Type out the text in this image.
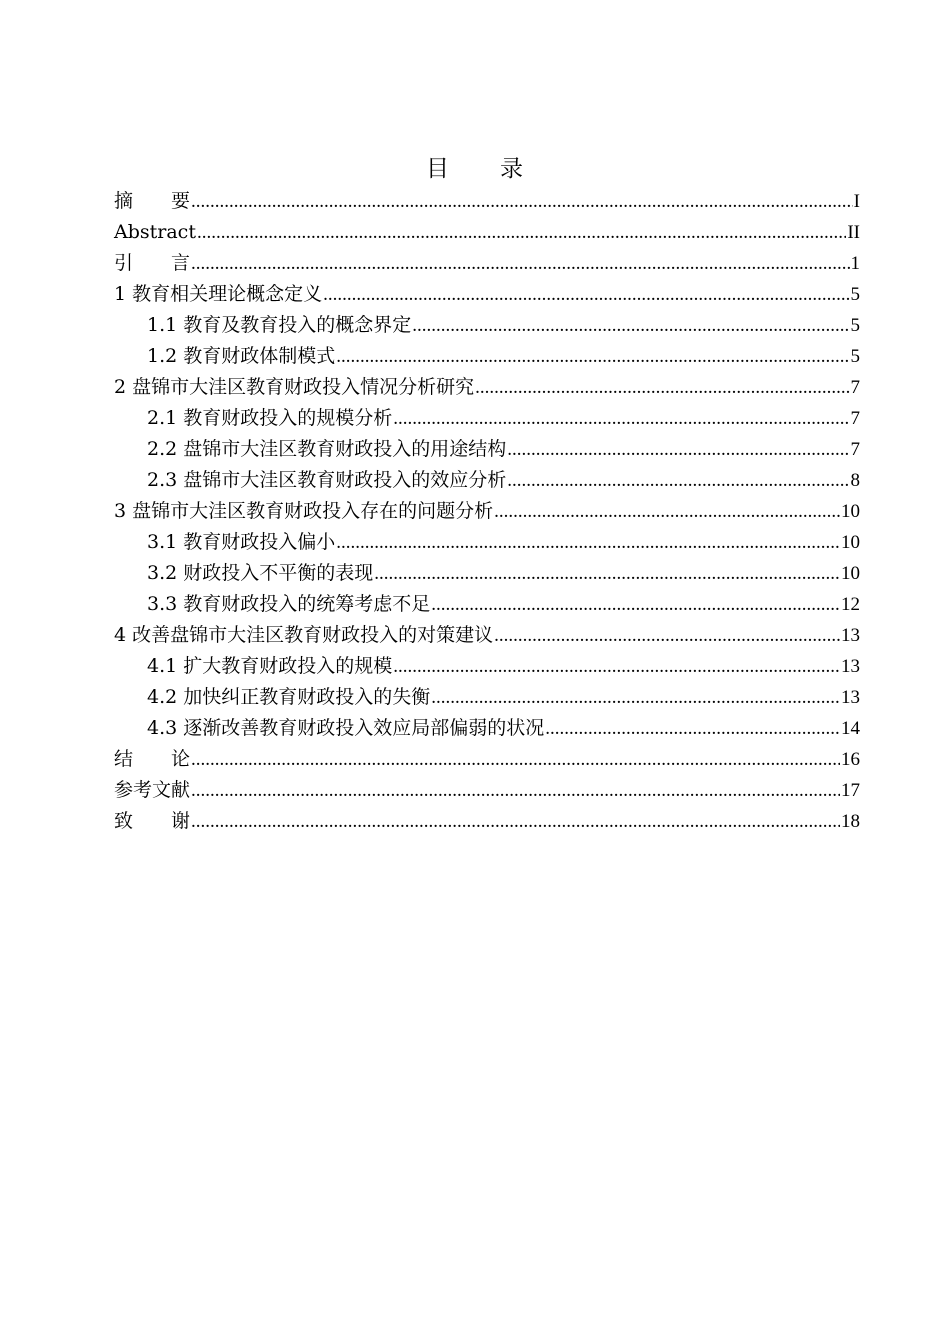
目 录
摘　　要 .....	I
Abstract .....	II
引　　言 .....	1
1 教育相关理论概念定义 .....	5
1.1 教育及教育投入的概念界定 .....	5
1.2 教育财政体制模式 .....	5
2 盘锦市大洼区教育财政投入情况分析研究 .....	7
2.1 教育财政投入的规模分析 .....	7
2.2 盘锦市大洼区教育财政投入的用途结构 .....	7
2.3 盘锦市大洼区教育财政投入的效应分析 .....	8
3 盘锦市大洼区教育财政投入存在的问题分析 .....	10
3.1 教育财政投入偏小 .....	10
3.2 财政投入不平衡的表现 .....	10
3.3 教育财政投入的统筹考虑不足 .....	12
4 改善盘锦市大洼区教育财政投入的对策建议 .....	13
4.1 扩大教育财政投入的规模 .....	13
4.2 加快纠正教育财政投入的失衡 .....	13
4.3 逐渐改善教育财政投入效应局部偏弱的状况 .....	14
结　　论 .....	16
参考文献 .....	17
致　　谢 .....	18
